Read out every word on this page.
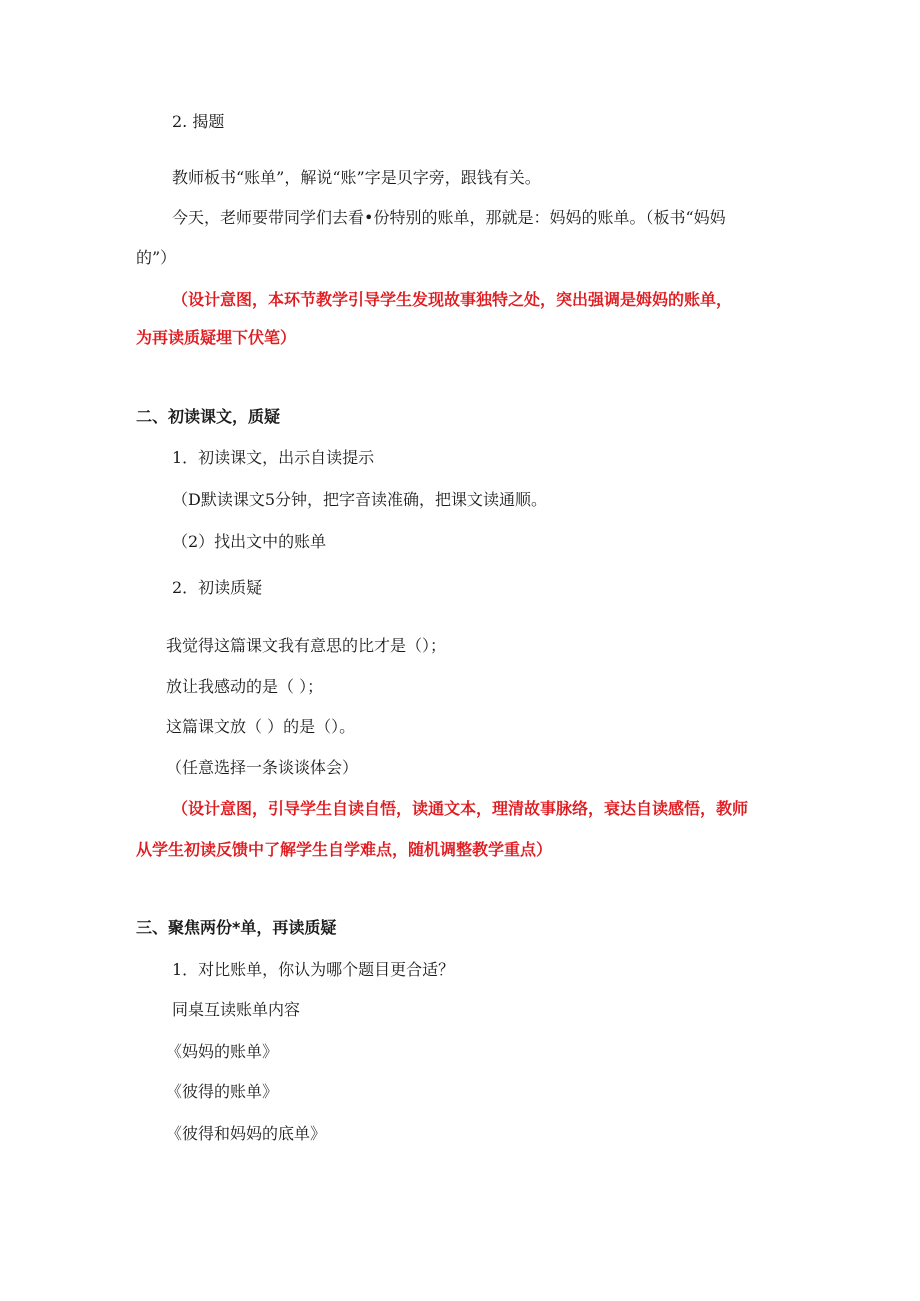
2. 揭题

教师板书“账单”，解说“账”字是贝字旁，跟钱有关。

今天，老师要带同学们去看•份特别的账单，那就是：妈妈的账单。（板书“妈妈

的”）

（设计意图，本环节教学引导学生发现故事独特之处，突出强调是姆妈的账单，

为再读质疑埋下伏笔）

二、初读课文，质疑

1．初读课文，出示自读提示

（D默读课文5分钟，把字音读准确，把课文读通顺。

（2）找出文中的账单

2．初读质疑

我觉得这篇课文我有意思的比才是（）；

放让我感动的是（ ）；

这篇课文放（ ）的是（）。

（任意选择一条谈谈体会）

（设计意图，引导学生自读自悟，读通文本，理清故事脉络，衰达自读感悟，教师

从学生初读反馈中了解学生自学难点，随机调整教学重点）

三、聚焦两份*单，再读质疑

1．对比账单，你认为哪个题目更合适？

同桌互读账单内容

《妈妈的账单》

《彼得的账单》

《彼得和妈妈的底单》
